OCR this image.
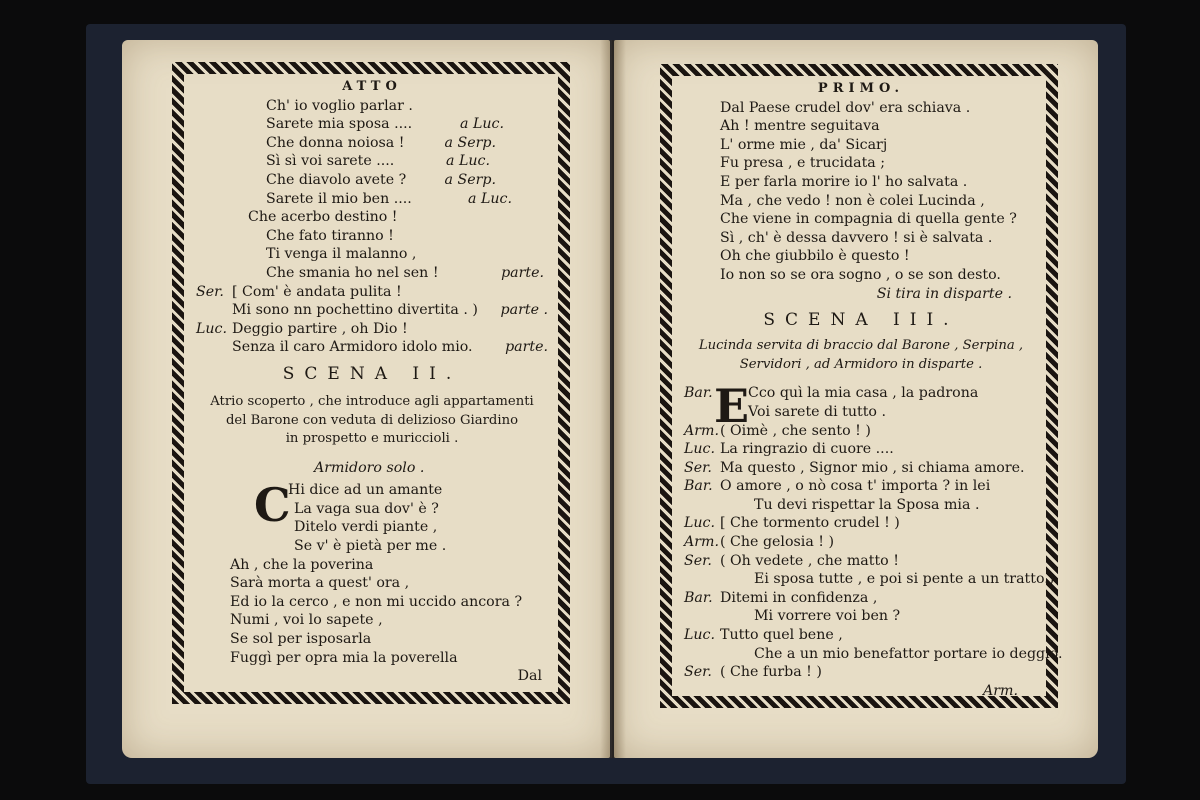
ATTO
Ch' io voglio parlar .
Sarete mia sposa ....	a Luc.
Che donna noiosa !	a Serp.
Sì sì voi sarete ....	a Luc.
Che diavolo avete ?	a Serp.
Sarete il mio ben ....	a Luc.
Che acerbo destino !
Che fato tiranno !
Ti venga il malanno ,
Che smania ho nel sen !	parte.
Ser. [ Com' è andata pulita !
Mi sono nn pochettino divertita . ) parte .
Luc. Deggio partire , oh Dio !
Senza il caro Armidoro idolo mio. parte.
SCENA II.
Atrio scoperto , che introduce agli appartamenti
del Barone con veduta di delizioso Giardino
in prospetto e muriccioli .
Armidoro solo .
C
Hi dice ad un amante
La vaga sua dov' è ?
Ditelo verdi piante ,
Se v' è pietà per me .
Ah , che la poverina
Sarà morta a quest' ora ,
Ed io la cerco , e non mi uccido ancora ?
Numi , voi lo sapete ,
Se sol per isposarla
Fuggì per opra mia la poverella
Dal
PRIMO.
Dal Paese crudel dov' era schiava .
Ah ! mentre seguitava
L' orme mie , da' Sicarj
Fu presa , e trucidata ;
E per farla morire io l' ho salvata .
Ma , che vedo ! non è colei Lucinda ,
Che viene in compagnia di quella gente ?
Sì , ch' è dessa davvero ! si è salvata .
Oh che giubbilo è questo !
Io non so se ora sogno , o se son desto.
Si tira in disparte .
SCENA III.
Lucinda servita di braccio dal Barone , Serpina ,
Servidori , ad Armidoro in disparte .
E
Bar. Cco quì la mia casa , la padrona
Voi sarete di tutto .
Arm.( Oimè , che sento ! )
Luc. La ringrazio di cuore ....
Ser. Ma questo , Signor mio , si chiama amore.
Bar. O amore , o nò cosa t' importa ? in lei
Tu devi rispettar la Sposa mia .
Luc. [ Che tormento crudel ! )
Arm.( Che gelosia ! )
Ser. ( Oh vedete , che matto !
Ei sposa tutte , e poi si pente a un tratto.)
Bar. Ditemi in confidenza ,
Mi vorrere voi ben ?
Luc. Tutto quel bene ,
Che a un mio benefattor portare io deggio.
Ser. ( Che furba ! )
Arm.
